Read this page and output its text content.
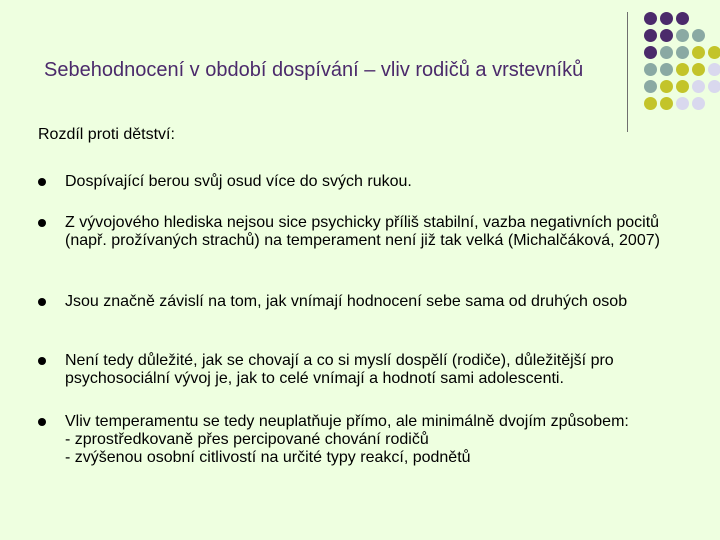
Sebehodnocení v období dospívání – vliv rodičů a vrstevníků
Rozdíl proti dětství:
Dospívající berou svůj osud více do svých rukou.
Z vývojového hlediska nejsou sice psychicky příliš stabilní, vazba negativních pocitů (např. prožívaných strachů) na temperament není již tak velká (Michalčáková, 2007)
Jsou značně závislí na tom, jak vnímají hodnocení sebe sama od druhých osob
Není tedy důležité, jak se chovají a co si myslí dospělí (rodiče), důležitější pro psychosociální vývoj je, jak to celé vnímají a hodnotí sami adolescenti.
Vliv temperamentu se tedy neuplatňuje přímo, ale minimálně dvojím způsobem:
- zprostředkovaně přes percipované chování rodičů
- zvýšenou osobní citlivostí na určité typy reakcí, podnětů
